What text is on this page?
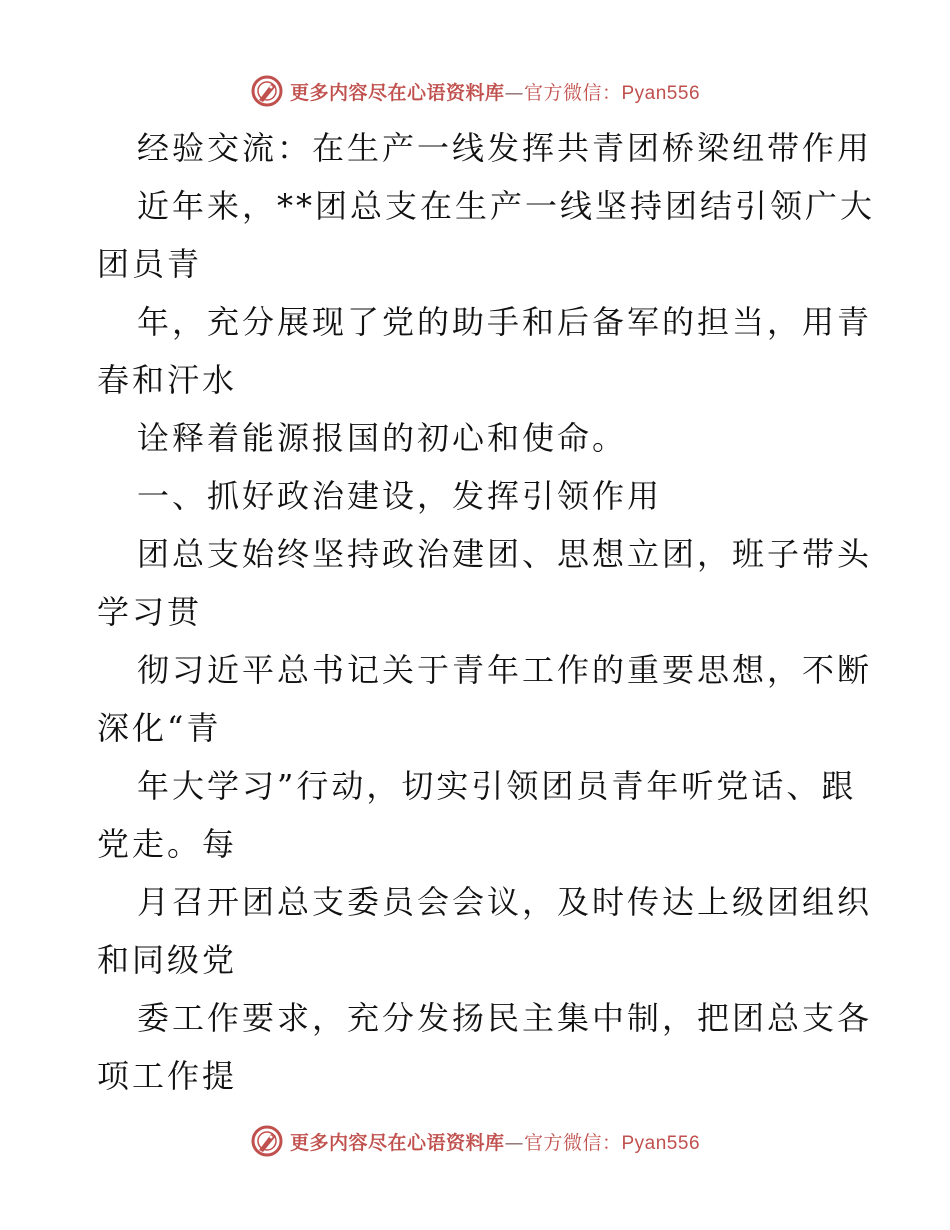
更多内容尽在心语资料库—官方微信：Pyan556
经验交流：在生产一线发挥共青团桥梁纽带作用
近年来，**团总支在生产一线坚持团结引领广大
团员青
年，充分展现了党的助手和后备军的担当，用青
春和汗水
诠释着能源报国的初心和使命。
一、抓好政治建设，发挥引领作用
团总支始终坚持政治建团、思想立团，班子带头
学习贯
彻习近平总书记关于青年工作的重要思想，不断
深化“青
年大学习”行动，切实引领团员青年听党话、跟
党走。每
月召开团总支委员会会议，及时传达上级团组织
和同级党
委工作要求，充分发扬民主集中制，把团总支各
项工作提
更多内容尽在心语资料库—官方微信：Pyan556
